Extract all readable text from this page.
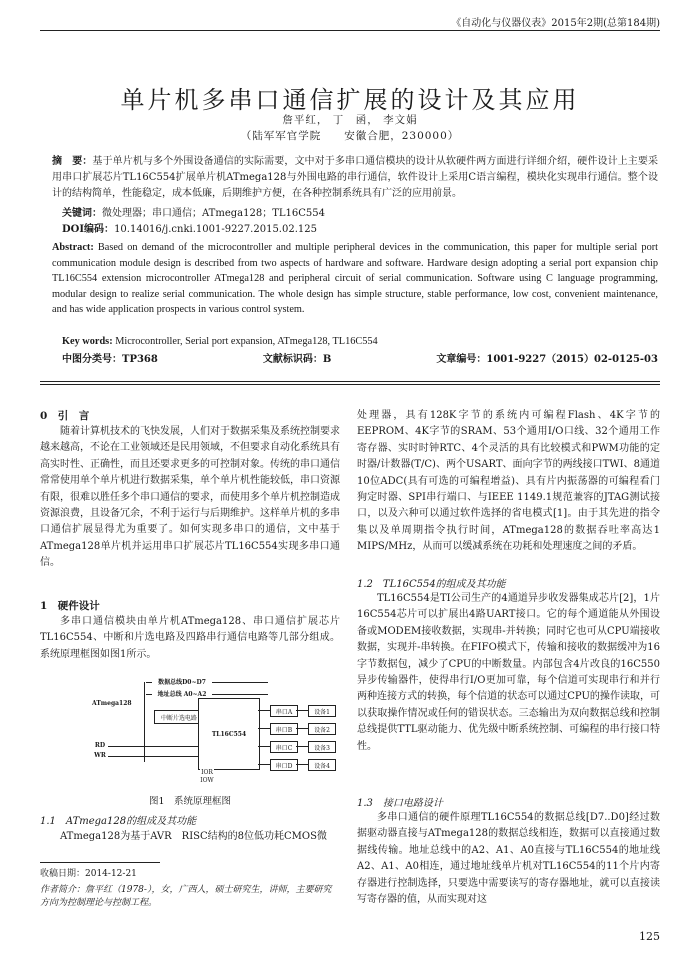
《自动化与仪器仪表》2015年2期(总第184期)
单片机多串口通信扩展的设计及其应用
詹平红， 丁　函， 李文娟
（陆军军官学院　　安徽合肥，230000）
摘　要：基于单片机与多个外围设备通信的实际需要，文中对于多串口通信模块的设计从软硬件两方面进行详细介绍，硬件设计上主要采用串口扩展芯片TL16C554扩展单片机ATmega128与外围电路的串行通信，软件设计上采用C语言编程，模块化实现串行通信。整个设计的结构简单，性能稳定，成本低廉，后期维护方便，在各种控制系统具有广泛的应用前景。
关键词：微处理器；串口通信；ATmega128；TL16C554
DOI编码：10.14016/j.cnki.1001-9227.2015.02.125
Abstract: Based on demand of the microcontroller and multiple peripheral devices in the communication, this paper for multiple serial port communication module design is described from two aspects of hardware and software. Hardware design adopting a serial port expansion chip TL16C554 extension microcontroller ATmega128 and peripheral circuit of serial communication. Software using C language programming, modular design to realize serial communication. The whole design has simple structure, stable performance, low cost, convenient maintenance, and has wide application prospects in various control system.
Key words: Microcontroller, Serial port expansion, ATmega128, TL16C554
中图分类号：TP368	文献标识码：B	文章编号：1001-9227（2015）02-0125-03
0　引　言
随着计算机技术的飞快发展，人们对于数据采集及系统控制要求越来越高，不论在工业领域还是民用领域，不但要求自动化系统具有高实时性、正确性，而且还要求更多的可控制对象。传统的串口通信常常使用单个单片机进行数据采集，单个单片机性能较低，串口资源有限，很难以胜任多个串口通信的要求，而使用多个单片机控制造成资源浪费，且设备冗余，不利于运行与后期维护。这样单片机的多串口通信扩展显得尤为重要了。如何实现多串口的通信，文中基于ATmega128单片机并运用串口扩展芯片TL16C554实现多串口通信。
1　硬件设计
多串口通信模块由单片机ATmega128、串口通信扩展芯片TL16C554、中断和片选电路及四路串行通信电路等几部分组成。系统原理框图如图1所示。
数据总线D0~D7
地址总线 A0~A2
ATmega128
中断片选电路
RD
WR
TL16C554
IOR
IOW
串口A	设备1
串口B	设备2
串口C	设备3
串口D	设备4
图1　系统原理框图
1.1　ATmega128的组成及其功能
ATmega128为基于AVR　RISC结构的8位低功耗CMOS微
收稿日期：2014-12-21
作者简介：詹平红（1978-），女，广西人，硕士研究生，讲师，主要研究方向为控制理论与控制工程。
处理器，具有128K字节的系统内可编程Flash、4K字节的EEPROM、4K字节的SRAM、53个通用I/O口线、32个通用工作寄存器、实时时钟RTC、4个灵活的具有比较模式和PWM功能的定时器/计数器(T/C)、两个USART、面向字节的两线接口TWI、8通道10位ADC(具有可选的可编程增益)、具有片内振荡器的可编程看门狗定时器、SPI串行端口、与IEEE 1149.1规范兼容的JTAG测试接口，以及六种可以通过软件选择的省电模式[1]。由于其先进的指令集以及单周期指令执行时间，ATmega128的数据吞吐率高达1　MIPS/MHz，从而可以缓减系统在功耗和处理速度之间的矛盾。
1.2　TL16C554的组成及其功能
TL16C554是TI公司生产的4通道异步收发器集成芯片[2]，1片16C554芯片可以扩展出4路UART接口。它的每个通道能从外围设备或MODEM接收数据，实现串-并转换；同时它也可从CPU端接收数据，实现并-串转换。在FIFO模式下，传输和接收的数据缓冲为16字节数据包，减少了CPU的中断数量。内部包含4片改良的16C550异步传输器件，使得串行I/O更加可靠，每个信道可实现串行和并行两种连接方式的转换，每个信道的状态可以通过CPU的操作读取，可以获取操作情况或任何的错误状态。三态输出为双向数据总线和控制总线提供TTL驱动能力、优先级中断系统控制、可编程的串行接口特性。
1.3　接口电路设计
多串口通信的硬件原理TL16C554的数据总线[D7..D0]经过数据驱动器直接与ATmega128的数据总线相连，数据可以直接通过数据线传输。地址总线中的A2、A1、A0直接与TL16C554的地址线A2、A1、A0相连，通过地址线单片机对TL16C554的11个片内寄存器进行控制选择，只要选中需要读写的寄存器地址，就可以直接读写寄存器的值，从而实现对这
125
